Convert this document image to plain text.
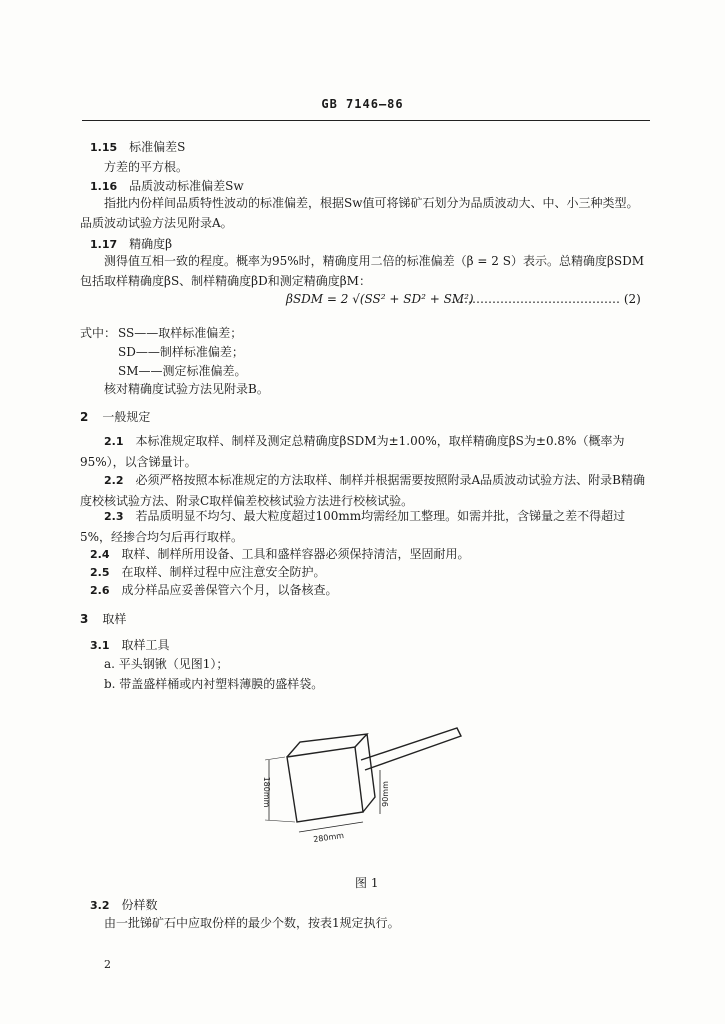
GB 7146—86
1.15 标准偏差S
方差的平方根。
1.16 品质波动标准偏差Sw
指批内份样间品质特性波动的标准偏差，根据Sw值可将锑矿石划分为品质波动大、中、小三种类型。品质波动试验方法见附录A。
1.17 精确度β
测得值互相一致的程度。概率为95%时，精确度用二倍的标准偏差（β = 2 S）表示。总精确度βSDM包括取样精确度βS、制样精确度βD和测定精确度βM：
βSDM = 2 √(SS² + SD² + SM²)
…………………………………… (2)
式中： SS——取样标准偏差；
SD——制样标准偏差；
SM——测定标准偏差。
核对精确度试验方法见附录B。
2 一般规定
2.1 本标准规定取样、制样及测定总精确度βSDM为±1.00%，取样精确度βS为±0.8%（概率为95%），以含锑量计。
2.2 必须严格按照本标准规定的方法取样、制样并根据需要按照附录A品质波动试验方法、附录B精确度校核试验方法、附录C取样偏差校核试验方法进行校核试验。
2.3 若品质明显不均匀、最大粒度超过100mm均需经加工整理。如需并批，含锑量之差不得超过5%，经掺合均匀后再行取样。
2.4 取样、制样所用设备、工具和盛样容器必须保持清洁，坚固耐用。
2.5 在取样、制样过程中应注意安全防护。
2.6 成分样品应妥善保管六个月，以备核查。
3 取样
3.1 取样工具
a. 平头钢锹（见图1）；
b. 带盖盛样桶或内衬塑料薄膜的盛样袋。
180mm
280mm
90mm
图 1
3.2 份样数
由一批锑矿石中应取份样的最少个数，按表1规定执行。
2
